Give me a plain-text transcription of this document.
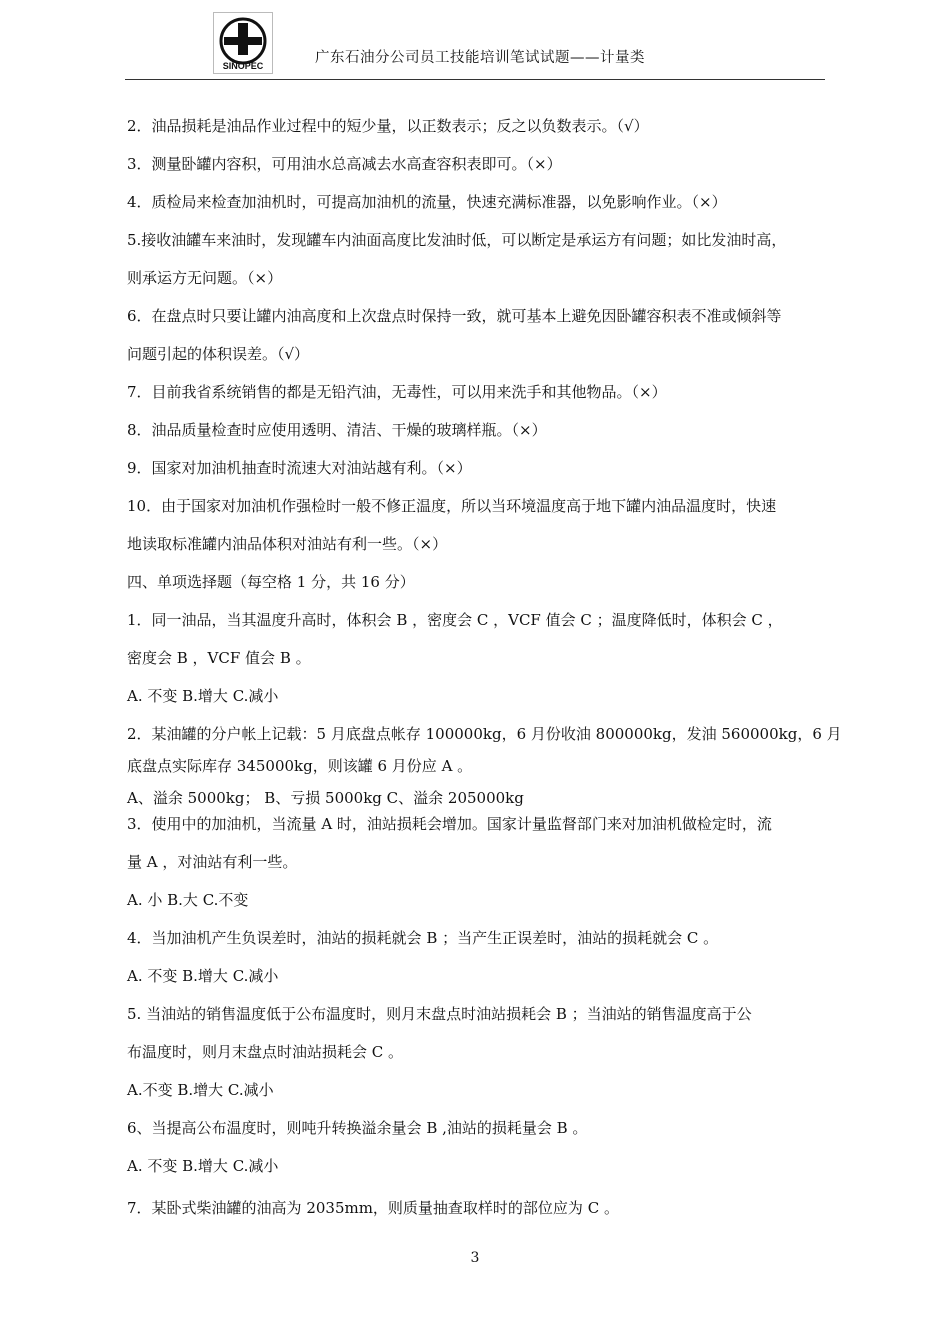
SINOPEC	广东石油分公司员工技能培训笔试试题——计量类
2．油品损耗是油品作业过程中的短少量，以正数表示；反之以负数表示。（√）
3．测量卧罐内容积，可用油水总高减去水高查容积表即可。（×）
4．质检局来检查加油机时，可提高加油机的流量，快速充满标准器，以免影响作业。（×）
5.接收油罐车来油时，发现罐车内油面高度比发油时低，可以断定是承运方有问题；如比发油时高，
则承运方无问题。（×）
6．在盘点时只要让罐内油高度和上次盘点时保持一致，就可基本上避免因卧罐容积表不准或倾斜等
问题引起的体积误差。（√）
7．目前我省系统销售的都是无铅汽油，无毒性，可以用来洗手和其他物品。（×）
8．油品质量检查时应使用透明、清洁、干燥的玻璃样瓶。（×）
9．国家对加油机抽查时流速大对油站越有利。（×）
10．由于国家对加油机作强检时一般不修正温度，所以当环境温度高于地下罐内油品温度时，快速
地读取标准罐内油品体积对油站有利一些。（×）
四、单项选择题（每空格 1 分，共 16 分）
1．同一油品，当其温度升高时，体积会 B ，密度会 C ，VCF 值会 C ；温度降低时，体积会 C ，
密度会 B ，VCF 值会 B 。
A. 不变 B.增大 C.减小
2．某油罐的分户帐上记载：5 月底盘点帐存 100000kg，6 月份收油 800000kg，发油 560000kg，6 月
底盘点实际库存 345000kg，则该罐 6 月份应 A 。
A、溢余 5000kg； B、亏损 5000kg C、溢余 205000kg
3．使用中的加油机，当流量 A 时，油站损耗会增加。国家计量监督部门来对加油机做检定时，流
量 A ，对油站有利一些。
A. 小 B.大 C.不变
4．当加油机产生负误差时，油站的损耗就会 B ；当产生正误差时，油站的损耗就会 C 。
A. 不变 B.增大 C.减小
5. 当油站的销售温度低于公布温度时，则月末盘点时油站损耗会 B ；当油站的销售温度高于公
布温度时，则月末盘点时油站损耗会 C 。
A.不变 B.增大 C.减小
6、当提高公布温度时，则吨升转换溢余量会 B ,油站的损耗量会 B 。
A. 不变 B.增大 C.减小
7．某卧式柴油罐的油高为 2035mm，则质量抽查取样时的部位应为 C 。
3
